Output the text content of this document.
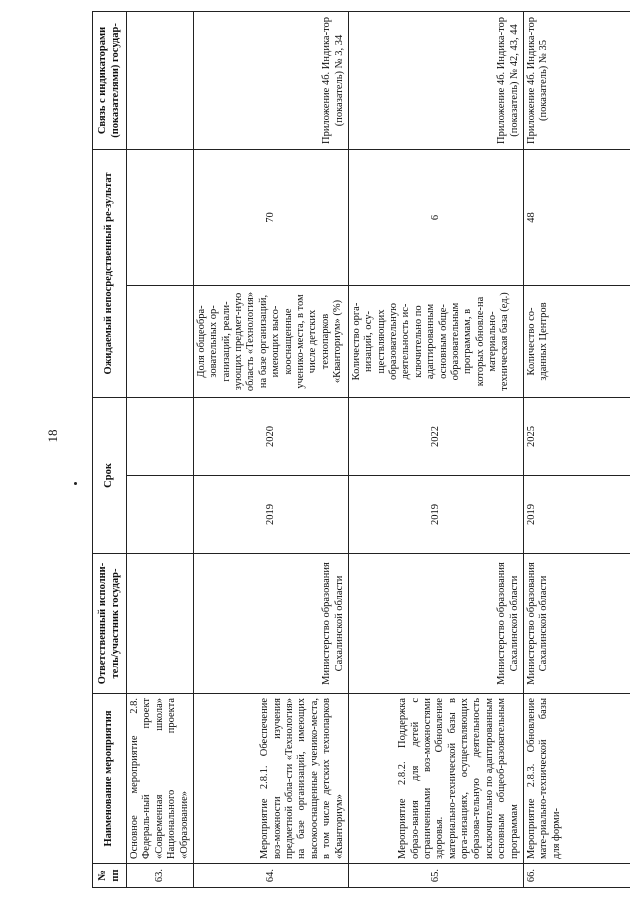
18
№ пп	Наименование мероприятия	Ответственный исполни-тель/участник государ-	Срок		Ожидаемый непосредственный ре-зультат		Связь с индикаторами (показателями) государ-
63.	Основное мероприятие 2.8. Федераль-ный проект «Современная школа» Национального проекта «Образование»						
64.	Мероприятие 2.8.1. Обеспечение воз-можности изучения предметной обла-сти «Технология» на базе организаций, имеющих высокооснащенные ученико-места, в том числе детских технопарков «Кванториум»	Министерство образования Сахалинской области	2019	2020	Доля общеобра-зовательных ор-ганизаций, реали-зующих предмет-ную область «Технология» на базе организаций, имеющих высо-кооснащенные ученико-места, в том числе детских технопарков «Кванториум» (%)	70	Приложение 4б. Индика-тор (показатель) № 3, 34
65.	Мероприятие 2.8.2. Поддержка образо-вания для детей с ограниченными воз-можностями здоровья. Обновление материально-технической базы в орга-низациях, осуществляющих образова-тельную деятельность исключительно по адаптированным основным общеоб-разовательным программам	Министерство образования Сахалинской области	2019	2022	Количество орга-низаций, осу-ществляющих образовательную деятельность ис-ключительно по адаптированным основным обще-образовательным программам, в которых обновле-на материально-техническая база (ед.)	6	Приложение 4б. Индика-тор (показатель) № 42, 43, 44
66.	Мероприятие 2.8.3. Обновление мате-риально-технической базы для форми-	Министерство образования Сахалинской области	2019	2025	Количество со-зданных Центров	48	Приложение 4б. Индика-тор (показатель) № 35
